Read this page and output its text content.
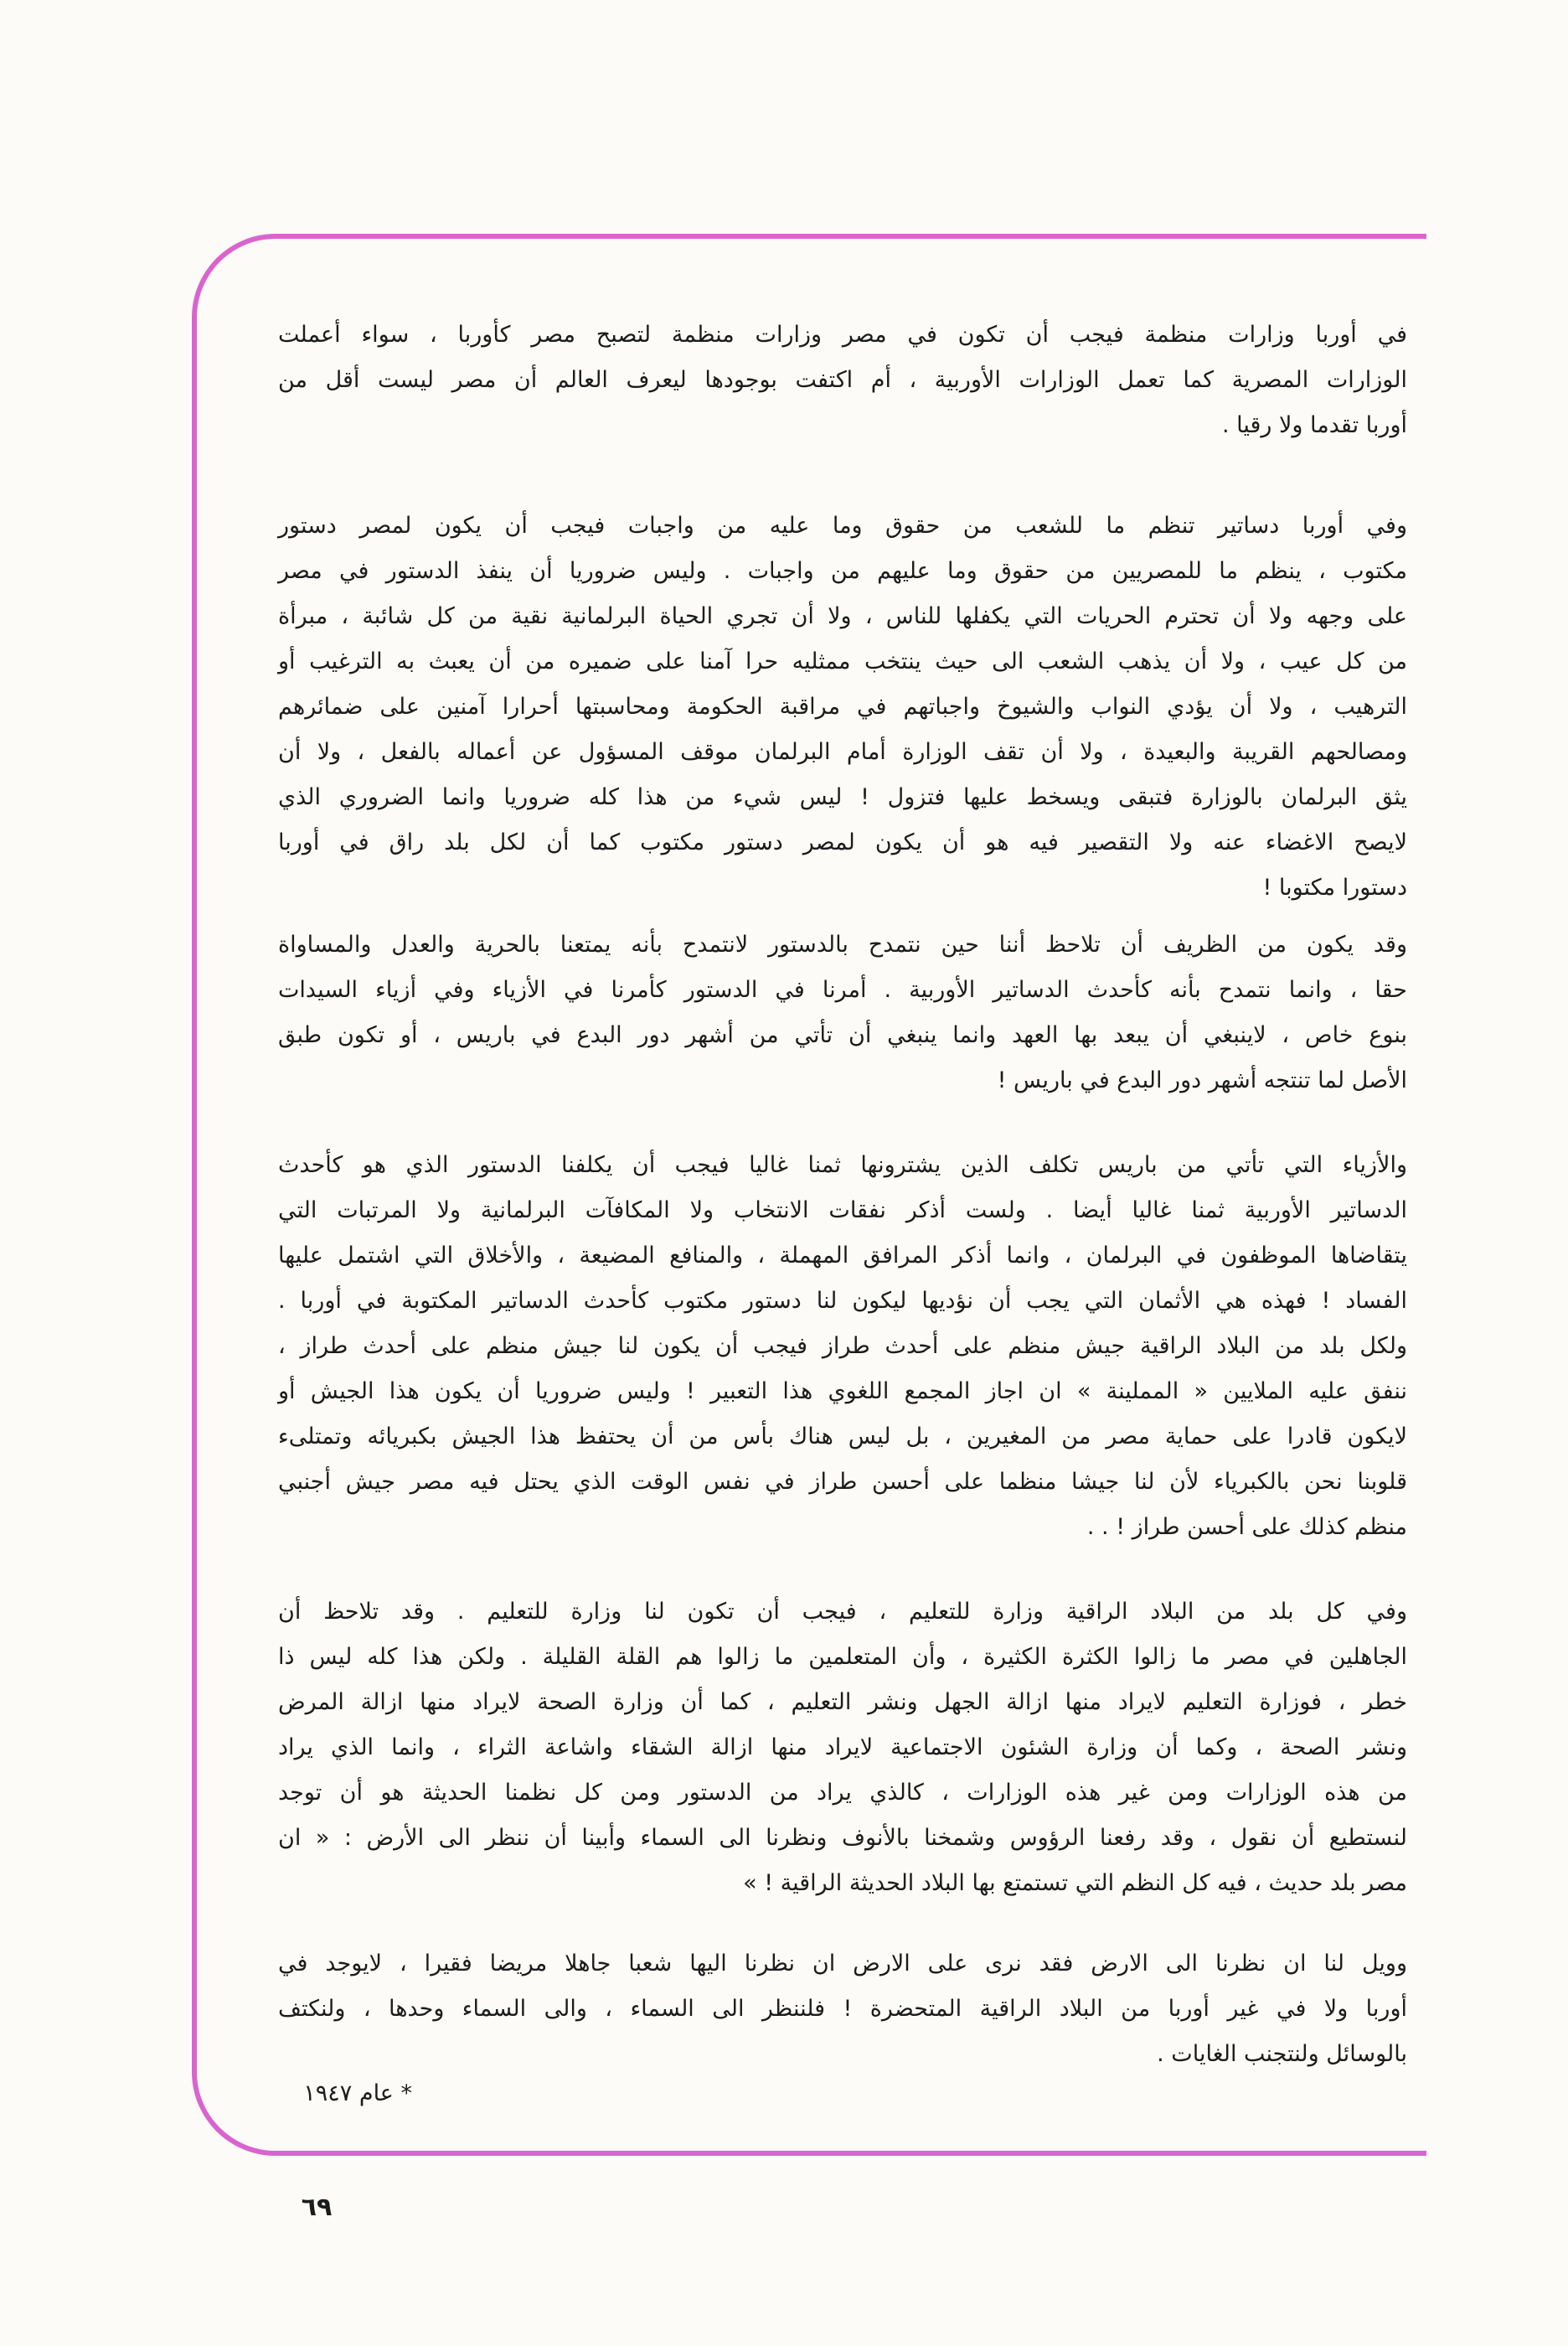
في أوربا وزارات منظمة فيجب أن تكون في مصر وزارات منظمة لتصبح مصر كأوربا ، سواء أعملت
الوزارات المصرية كما تعمل الوزارات الأوربية ، أم اكتفت بوجودها ليعرف العالم أن مصر ليست أقل من
أوربا تقدما ولا رقيا .
وفي أوربا دساتير تنظم ما للشعب من حقوق وما عليه من واجبات فيجب أن يكون لمصر دستور
مكتوب ، ينظم ما للمصريين من حقوق وما عليهم من واجبات . وليس ضروريا أن ينفذ الدستور في مصر
على وجهه ولا أن تحترم الحريات التي يكفلها للناس ، ولا أن تجري الحياة البرلمانية نقية من كل شائبة ، مبرأة
من كل عيب ، ولا أن يذهب الشعب الى حيث ينتخب ممثليه حرا آمنا على ضميره من أن يعبث به الترغيب أو
الترهيب ، ولا أن يؤدي النواب والشيوخ واجباتهم في مراقبة الحكومة ومحاسبتها أحرارا آمنين على ضمائرهم
ومصالحهم القريبة والبعيدة ، ولا أن تقف الوزارة أمام البرلمان موقف المسؤول عن أعماله بالفعل ، ولا أن
يثق البرلمان بالوزارة فتبقى ويسخط عليها فتزول ! ليس شيء من هذا كله ضروريا وانما الضروري الذي
لايصح الاغضاء عنه ولا التقصير فيه هو أن يكون لمصر دستور مكتوب كما أن لكل بلد راق في أوربا
دستورا مكتوبا !
وقد يكون من الظريف أن تلاحظ أننا حين نتمدح بالدستور لانتمدح بأنه يمتعنا بالحرية والعدل والمساواة
حقا ، وانما نتمدح بأنه كأحدث الدساتير الأوربية . أمرنا في الدستور كأمرنا في الأزياء وفي أزياء السيدات
بنوع خاص ، لاينبغي أن يبعد بها العهد وانما ينبغي أن تأتي من أشهر دور البدع في باريس ، أو تكون طبق
الأصل لما تنتجه أشهر دور البدع في باريس !
والأزياء التي تأتي من باريس تكلف الذين يشترونها ثمنا غاليا فيجب أن يكلفنا الدستور الذي هو كأحدث
الدساتير الأوربية ثمنا غاليا أيضا . ولست أذكر نفقات الانتخاب ولا المكافآت البرلمانية ولا المرتبات التي
يتقاضاها الموظفون في البرلمان ، وانما أذكر المرافق المهملة ، والمنافع المضيعة ، والأخلاق التي اشتمل عليها
الفساد ! فهذه هي الأثمان التي يجب أن نؤديها ليكون لنا دستور مكتوب كأحدث الدساتير المكتوبة في أوربا .
ولكل بلد من البلاد الراقية جيش منظم على أحدث طراز فيجب أن يكون لنا جيش منظم على أحدث طراز ،
ننفق عليه الملايين « المملينة » ان اجاز المجمع اللغوي هذا التعبير ! وليس ضروريا أن يكون هذا الجيش أو
لايكون قادرا على حماية مصر من المغيرين ، بل ليس هناك بأس من أن يحتفظ هذا الجيش بكبريائه وتمتلىء
قلوبنا نحن بالكبرياء لأن لنا جيشا منظما على أحسن طراز في نفس الوقت الذي يحتل فيه مصر جيش أجنبي
منظم كذلك على أحسن طراز ! . .
وفي كل بلد من البلاد الراقية وزارة للتعليم ، فيجب أن تكون لنا وزارة للتعليم . وقد تلاحظ أن
الجاهلين في مصر ما زالوا الكثرة الكثيرة ، وأن المتعلمين ما زالوا هم القلة القليلة . ولكن هذا كله ليس ذا
خطر ، فوزارة التعليم لايراد منها ازالة الجهل ونشر التعليم ، كما أن وزارة الصحة لايراد منها ازالة المرض
ونشر الصحة ، وكما أن وزارة الشئون الاجتماعية لايراد منها ازالة الشقاء واشاعة الثراء ، وانما الذي يراد
من هذه الوزارات ومن غير هذه الوزارات ، كالذي يراد من الدستور ومن كل نظمنا الحديثة هو أن توجد
لنستطيع أن نقول ، وقد رفعنا الرؤوس وشمخنا بالأنوف ونظرنا الى السماء وأبينا أن ننظر الى الأرض : « ان
مصر بلد حديث ، فيه كل النظم التي تستمتع بها البلاد الحديثة الراقية ! »
وويل لنا ان نظرنا الى الارض فقد نرى على الارض ان نظرنا اليها شعبا جاهلا مريضا فقيرا ، لايوجد في
أوربا ولا في غير أوربا من البلاد الراقية المتحضرة ! فلننظر الى السماء ، والى السماء وحدها ، ولنكتف
بالوسائل ولنتجنب الغايات .
* عام ١٩٤٧
٦٩
